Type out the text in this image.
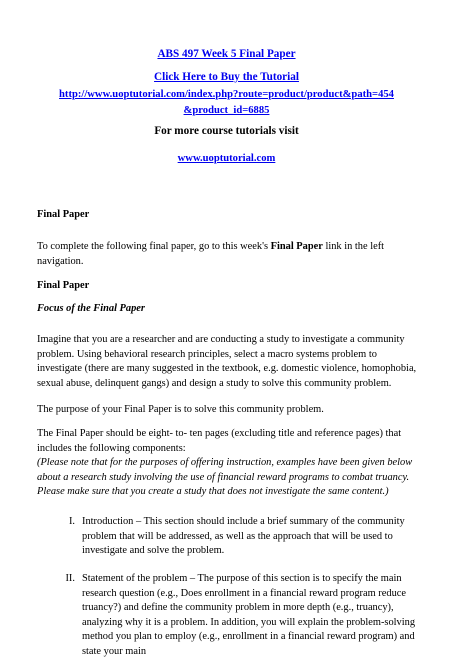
ABS 497 Week 5 Final Paper
Click Here to Buy the Tutorial
http://www.uoptutorial.com/index.php?route=product/product&path=454
&product_id=6885
For more course tutorials visit
www.uoptutorial.com
Final Paper

To complete the following final paper, go to this week's Final Paper link in the left navigation.

Final Paper
Focus of the Final Paper
Imagine that you are a researcher and are conducting a study to investigate a community problem. Using behavioral research principles, select a macro systems problem to investigate (there are many suggested in the textbook, e.g. domestic violence, homophobia, sexual abuse, delinquent gangs) and design a study to solve this community problem.
The purpose of your Final Paper is to solve this community problem.
The Final Paper should be eight- to- ten pages (excluding title and reference pages) that includes the following components:
(Please note that for the purposes of offering instruction, examples have been given below about a research study involving the use of financial reward programs to combat truancy. Please make sure that you create a study that does not investigate the same content.)
I. Introduction – This section should include a brief summary of the community problem that will be addressed, as well as the approach that will be used to investigate and solve the problem.
II. Statement of the problem – The purpose of this section is to specify the main research question (e.g., Does enrollment in a financial reward program reduce truancy?) and define the community problem in more depth (e.g., truancy), analyzing why it is a problem. In addition, you will explain the problem-solving method you plan to employ (e.g., enrollment in a financial reward program) and state your main
